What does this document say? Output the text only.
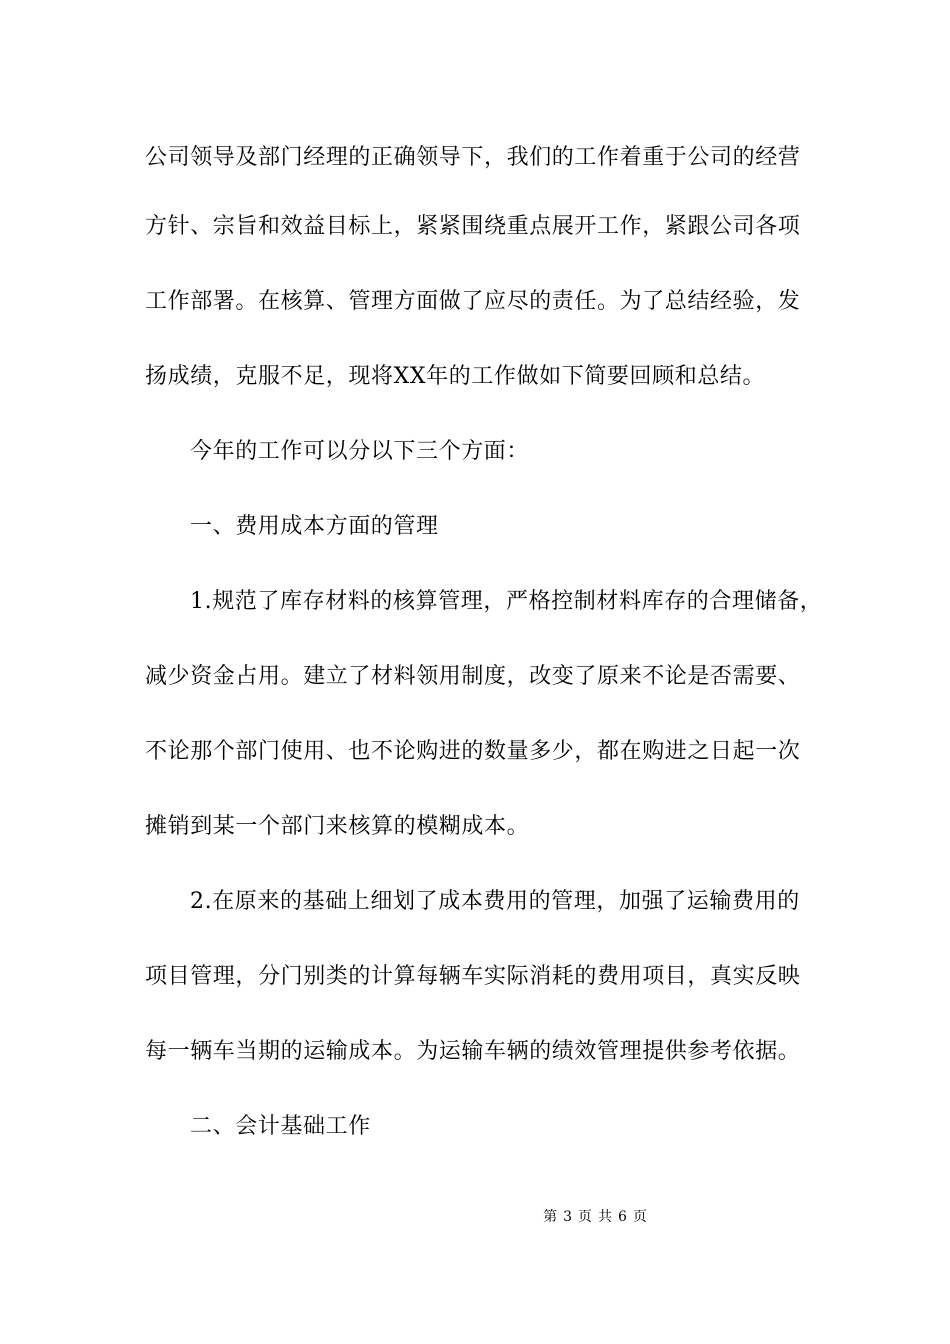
公司领导及部门经理的正确领导下，我们的工作着重于公司的经营
方针、宗旨和效益目标上，紧紧围绕重点展开工作，紧跟公司各项
工作部署。在核算、管理方面做了应尽的责任。为了总结经验，发
扬成绩，克服不足，现将XX年的工作做如下简要回顾和总结。
今年的工作可以分以下三个方面：
一、费用成本方面的管理
1.规范了库存材料的核算管理，严格控制材料库存的合理储备，
减少资金占用。建立了材料领用制度，改变了原来不论是否需要、
不论那个部门使用、也不论购进的数量多少，都在购进之日起一次
摊销到某一个部门来核算的模糊成本。
2.在原来的基础上细划了成本费用的管理，加强了运输费用的
项目管理，分门别类的计算每辆车实际消耗的费用项目，真实反映
每一辆车当期的运输成本。为运输车辆的绩效管理提供参考依据。
二、会计基础工作
第 3 页 共 6 页
